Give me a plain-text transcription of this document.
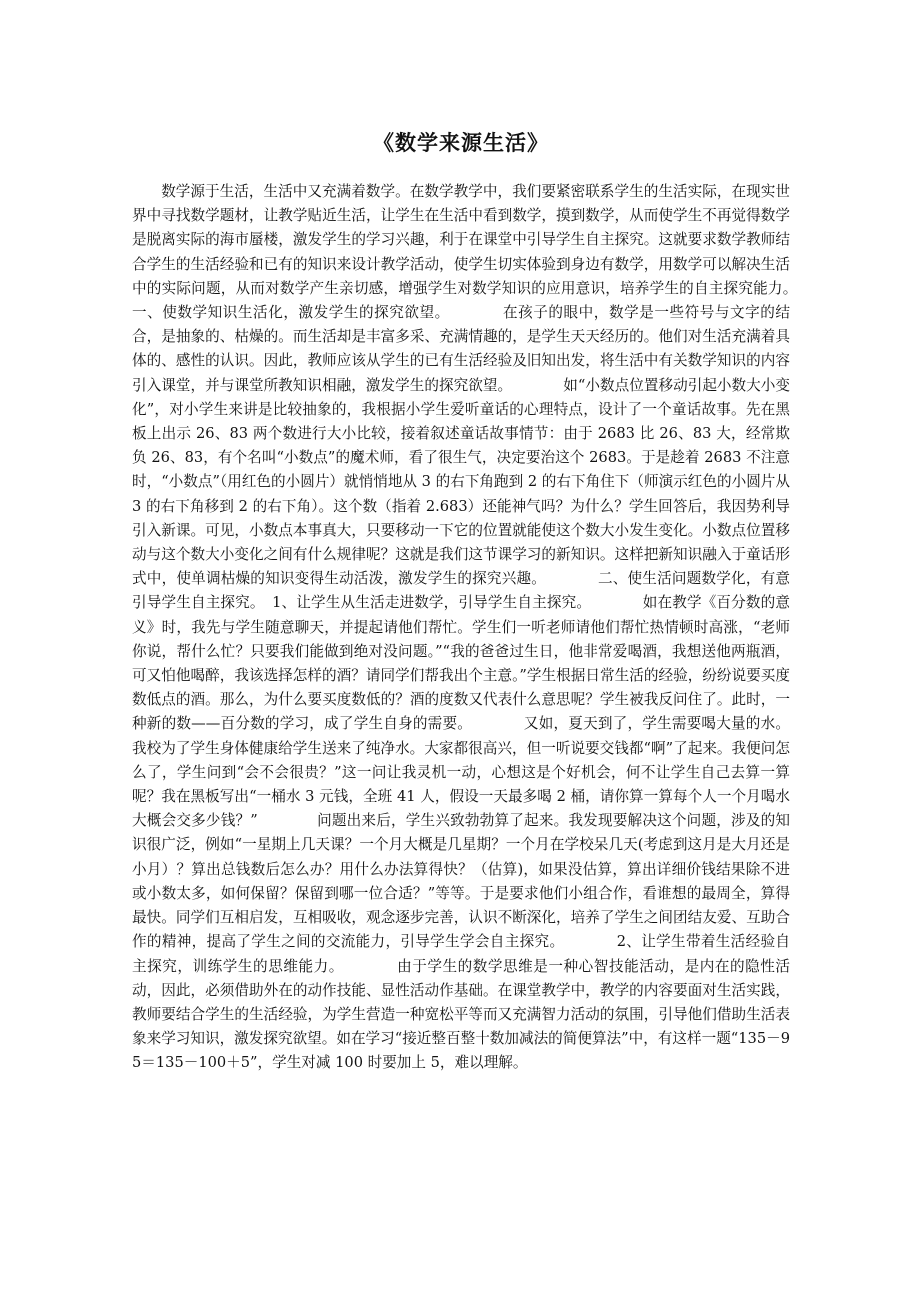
《数学来源生活》

数学源于生活，生活中又充满着数学。在数学教学中，我们要紧密联系学生的生活实际，在现实世界中寻找数学题材，让教学贴近生活，让学生在生活中看到数学，摸到数学，从而使学生不再觉得数学是脱离实际的海市蜃楼，激发学生的学习兴趣，利于在课堂中引导学生自主探究。这就要求数学教师结合学生的生活经验和已有的知识来设计教学活动，使学生切实体验到身边有数学，用数学可以解决生活中的实际问题，从而对数学产生亲切感，增强学生对数学知识的应用意识，培养学生的自主探究能力。　　　　一、使数学知识生活化，激发学生的探究欲望。　　　　	在孩子的眼中，数学是一些符号与文字的结合，是抽象的、枯燥的。而生活却是丰富多采、充满情趣的，是学生天天经历的。他们对生活充满着具体的、感性的认识。因此，教师应该从学生的已有生活经验及旧知出发，将生活中有关数学知识的内容引入课堂，并与课堂所教知识相融，激发学生的探究欲望。　　　　	如“小数点位置移动引起小数大小变化”，对小学生来讲是比较抽象的，我根据小学生爱听童话的心理特点，设计了一个童话故事。先在黑板上出示 26、83 两个数进行大小比较，接着叙述童话故事情节：由于 2683 比 26、83 大，经常欺负 26、83，有个名叫“小数点”的魔术师，看了很生气，决定要治这个 2683。于是趁着 2683 不注意时，“小数点”（用红色的小圆片）就悄悄地从 3 的右下角跑到 2 的右下角住下（师演示红色的小圆片从 3 的右下角移到 2 的右下角）。这个数（指着 2.683）还能神气吗？为什么？学生回答后，我因势利导引入新课。可见，小数点本事真大，只要移动一下它的位置就能使这个数大小发生变化。小数点位置移动与这个数大小变化之间有什么规律呢？这就是我们这节课学习的新知识。这样把新知识融入于童话形式中，使单调枯燥的知识变得生动活泼，激发学生的探究兴趣。　　　　	二、使生活问题数学化，有意引导学生自主探究。　 1、让学生从生活走进数学，引导学生自主探究。　　　　	如在教学《百分数的意义》时，我先与学生随意聊天，并提起请他们帮忙。学生们一听老师请他们帮忙热情顿时高涨，“老师你说，帮什么忙？只要我们能做到绝对没问题。”“我的爸爸过生日，他非常爱喝酒，我想送他两瓶酒，可又怕他喝醉，我该选择怎样的酒？请同学们帮我出个主意。”学生根据日常生活的经验，纷纷说要买度数低点的酒。那么，为什么要买度数低的？酒的度数又代表什么意思呢？学生被我反问住了。此时，一种新的数——百分数的学习，成了学生自身的需要。　　　　	又如，夏天到了，学生需要喝大量的水。我校为了学生身体健康给学生送来了纯净水。大家都很高兴，但一听说要交钱都“啊”了起来。我便问怎么了，学生问到“会不会很贵？”这一问让我灵机一动，心想这是个好机会，何不让学生自己去算一算呢？我在黑板写出“一桶水 3 元钱，全班 41 人，假设一天最多喝 2 桶，请你算一算每个人一个月喝水大概会交多少钱？”　　　　	问题出来后，学生兴致勃勃算了起来。我发现要解决这个问题，涉及的知识很广泛，例如“一星期上几天课？一个月大概是几星期？一个月在学校呆几天(考虑到这月是大月还是小月）？算出总钱数后怎么办？用什么办法算得快？（估算)，如果没估算，算出详细价钱结果除不进或小数太多，如何保留？保留到哪一位合适？”等等。于是要求他们小组合作，看谁想的最周全，算得最快。同学们互相启发，互相吸收，观念逐步完善，认识不断深化，培养了学生之间团结友爱、互助合作的精神，提高了学生之间的交流能力，引导学生学会自主探究。　　　　	2、让学生带着生活经验自主探究，训练学生的思维能力。　　　　	由于学生的数学思维是一种心智技能活动，是内在的隐性活动，因此，必须借助外在的动作技能、显性活动作基础。在课堂教学中，教学的内容要面对生活实践，教师要结合学生的生活经验，为学生营造一种宽松平等而又充满智力活动的氛围，引导他们借助生活表象来学习知识，激发探究欲望。如在学习“接近整百整十数加减法的简便算法”中，有这样一题“135－95＝135－100＋5”，学生对减 100 时要加上 5，难以理解。
